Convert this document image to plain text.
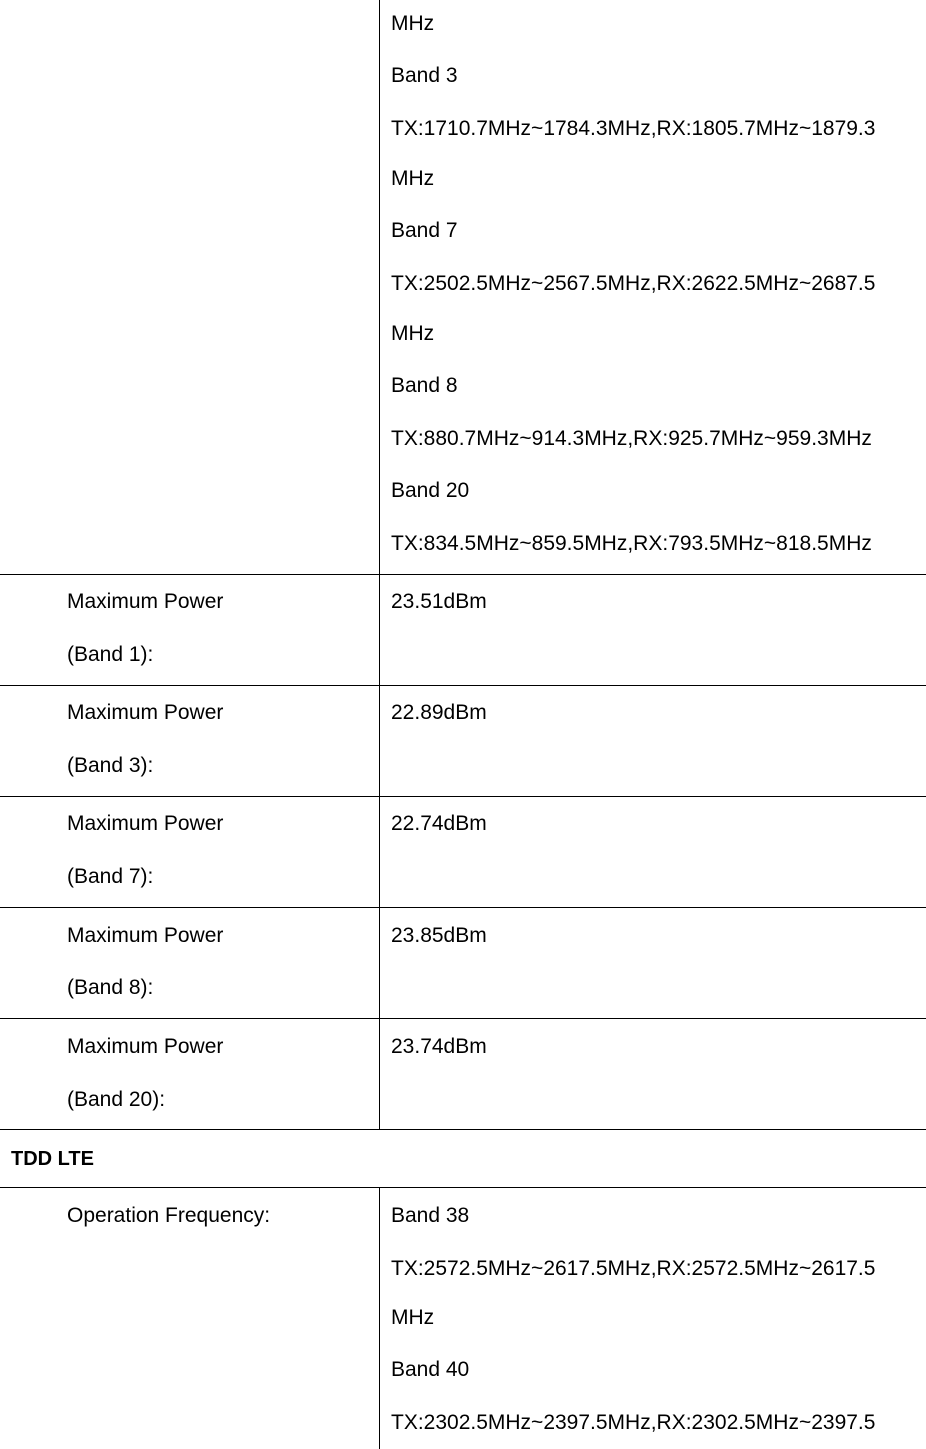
MHz
Band 3
TX:1710.7MHz~1784.3MHz,RX:1805.7MHz~1879.3
MHz
Band 7
TX:2502.5MHz~2567.5MHz,RX:2622.5MHz~2687.5
MHz
Band 8
TX:880.7MHz~914.3MHz,RX:925.7MHz~959.3MHz
Band 20
TX:834.5MHz~859.5MHz,RX:793.5MHz~818.5MHz
Maximum Power
(Band 1):
23.51dBm
Maximum Power
(Band 3):
22.89dBm
Maximum Power
(Band 7):
22.74dBm
Maximum Power
(Band 8):
23.85dBm
Maximum Power
(Band 20):
23.74dBm
TDD LTE
Operation Frequency:	Band 38
TX:2572.5MHz~2617.5MHz,RX:2572.5MHz~2617.5
MHz
Band 40
TX:2302.5MHz~2397.5MHz,RX:2302.5MHz~2397.5
